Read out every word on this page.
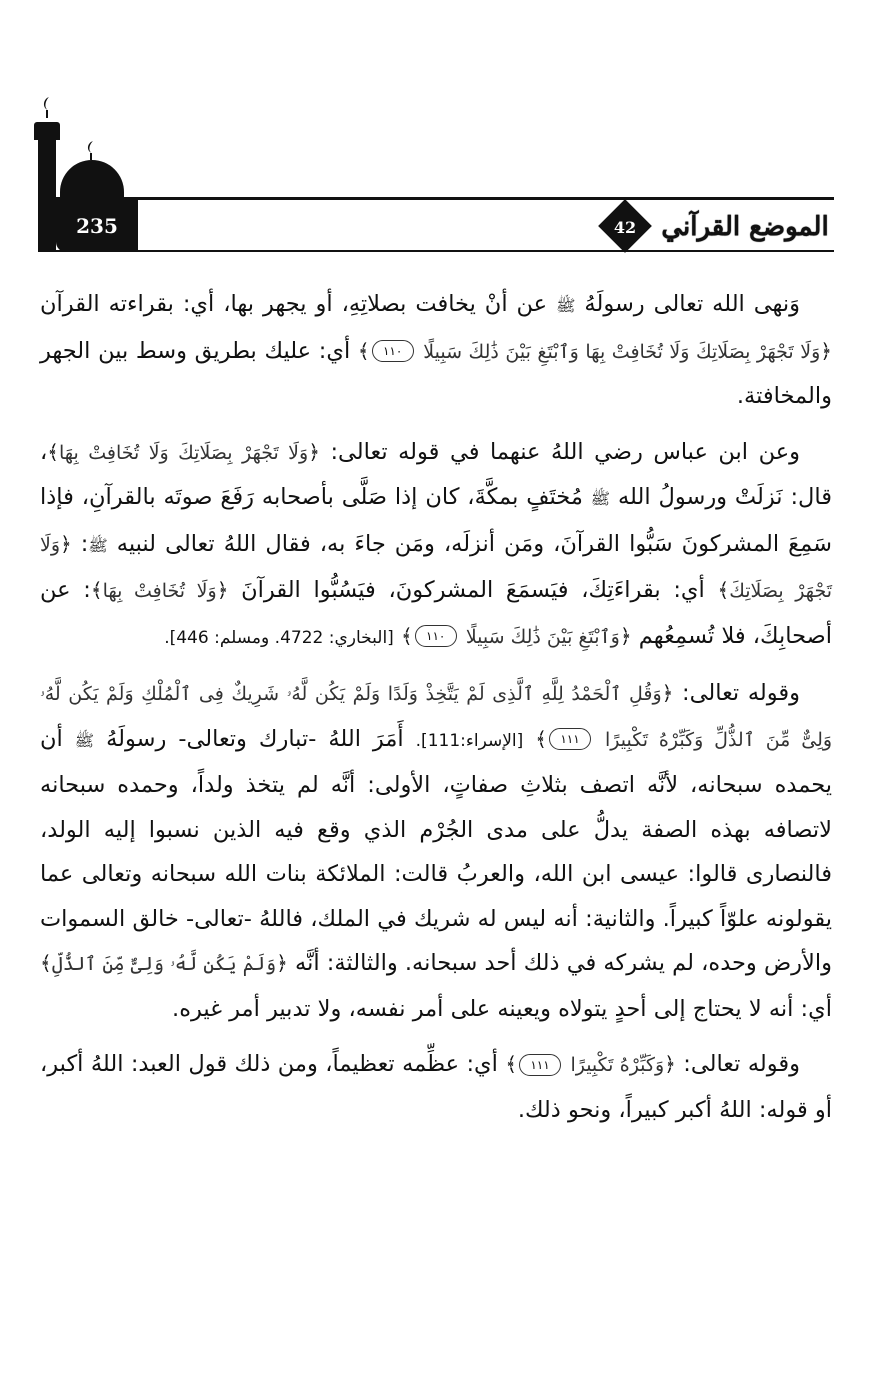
235	42 الموضع القرآني

وَنهى الله تعالى رسولَهُ ﷺ عن أنْ يخافت بصلاتِهِ، أو يجهر بها، أي: بقراءته القرآن ﴿وَلَا تَجْهَرْ بِصَلَاتِكَ وَلَا تُخَافِتْ بِهَا وَٱبْتَغِ بَيْنَ ذَٰلِكَ سَبِيلًا ١١٠﴾ أي: عليك بطريق وسط بين الجهر والمخافتة.

وعن ابن عباس رضي اللهُ عنهما في قوله تعالى: ﴿وَلَا تَجْهَرْ بِصَلَاتِكَ وَلَا تُخَافِتْ بِهَا﴾، قال: نَزلَتْ ورسولُ الله ﷺ مُختَفٍ بمكَّةَ، كان إذا صَلَّى بأصحابه رَفَعَ صوتَه بالقرآنِ، فإذا سَمِعَ المشركونَ سَبُّوا القرآنَ، ومَن أنزلَه، ومَن جاءَ به، فقال اللهُ تعالى لنبيه ﷺ: ﴿وَلَا تَجْهَرْ بِصَلَاتِكَ﴾ أي: بقراءَتِكَ، فيَسمَعَ المشركونَ، فيَسُبُّوا القرآنَ ﴿وَلَا تُخَافِتْ بِهَا﴾: عن أصحابِكَ، فلا تُسمِعُهم ﴿وَٱبْتَغِ بَيْنَ ذَٰلِكَ سَبِيلًا ١١٠﴾ [البخاري: 4722. ومسلم: 446].

وقوله تعالى: ﴿وَقُلِ ٱلْحَمْدُ لِلَّهِ ٱلَّذِى لَمْ يَتَّخِذْ وَلَدًا وَلَمْ يَكُن لَّهُۥ شَرِيكٌ فِى ٱلْمُلْكِ وَلَمْ يَكُن لَّهُۥ وَلِىٌّ مِّنَ ٱلذُّلِّ وَكَبِّرْهُ تَكْبِيرًا ١١١﴾ [الإسراء:111]. أَمَرَ اللهُ -تبارك وتعالى- رسولَهُ ﷺ أن يحمده سبحانه، لأنَّه اتصف بثلاثِ صفاتٍ، الأولى: أنَّه لم يتخذ ولداً، وحمده سبحانه لاتصافه بهذه الصفة يدلُّ على مدى الجُرْم الذي وقع فيه الذين نسبوا إليه الولد، فالنصارى قالوا: عيسى ابن الله، والعربُ قالت: الملائكة بنات الله سبحانه وتعالى عما يقولونه علوّاً كبيراً. والثانية: أنه ليس له شريك في الملك، فاللهُ -تعالى- خالق السموات والأرض وحده، لم يشركه في ذلك أحد سبحانه. والثالثة: أنَّه ﴿وَلَمْ يَكُن لَّهُۥ وَلِىٌّ مِّنَ ٱلذُّلِّ﴾ أي: أنه لا يحتاج إلى أحدٍ يتولاه ويعينه على أمر نفسه، ولا تدبير أمر غيره.

وقوله تعالى: ﴿وَكَبِّرْهُ تَكْبِيرًا ١١١﴾ أي: عظِّمه تعظيماً، ومن ذلك قول العبد: اللهُ أكبر، أو قوله: اللهُ أكبر كبيراً، ونحو ذلك.
